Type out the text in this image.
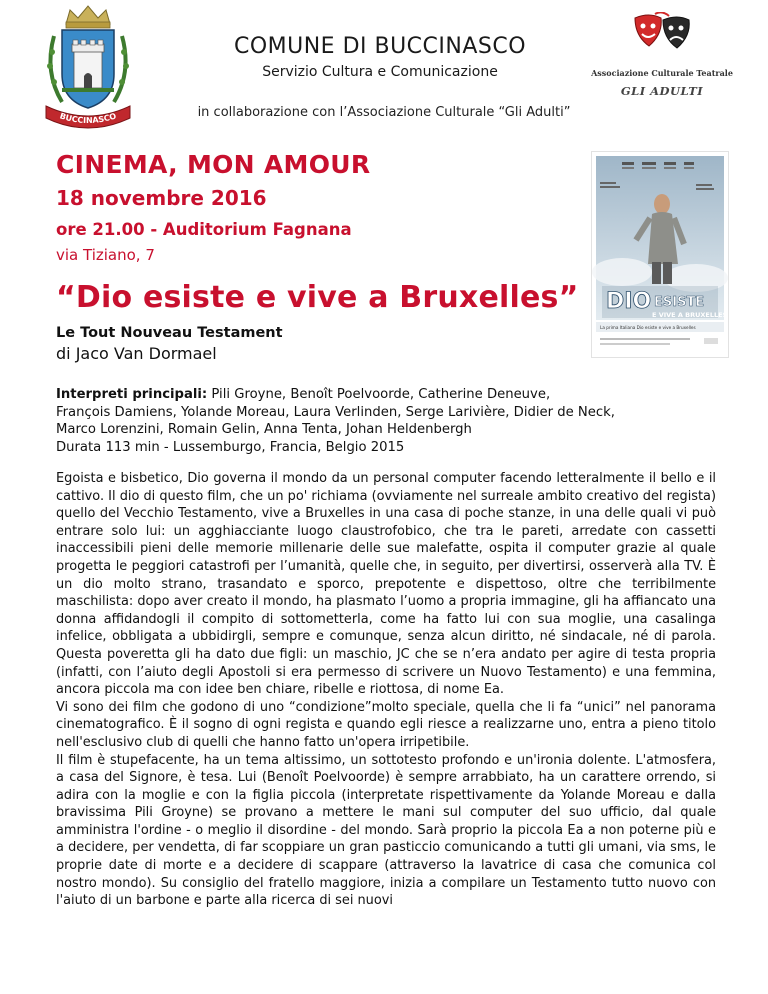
BUCCINASCO
COMUNE DI BUCCINASCO
Servizio Cultura e Comunicazione
in collaborazione con l’Associazione Culturale “Gli Adulti”
Associazione Culturale Teatrale
GLI ADULTI
CINEMA, MON AMOUR
18 novembre 2016
ore 21.00 - Auditorium Fagnana
via Tiziano, 7
“Dio esiste e vive a Bruxelles”
Le Tout Nouveau Testament
di Jaco Van Dormael
DIO ESISTE
E VIVE A BRUXELLES
La prima Italiana Dio esiste e vive a Bruxelles
Interpreti principali: Pili Groyne, Benoît Poelvoorde, Catherine Deneuve,
François Damiens, Yolande Moreau, Laura Verlinden, Serge Larivière, Didier de Neck,
Marco Lorenzini, Romain Gelin, Anna Tenta, Johan Heldenbergh
Durata 113 min - Lussemburgo, Francia, Belgio 2015

Egoista e bisbetico, Dio governa il mondo da un personal computer facendo letteralmente il bello e il cattivo. Il dio di questo film, che un po' richiama (ovviamente nel surreale ambito creativo del regista) quello del Vecchio Testamento, vive a Bruxelles in una casa di poche stanze, in una delle quali vi può entrare solo lui: un agghiacciante luogo claustrofobico, che tra le pareti, arredate con cassetti inaccessibili pieni delle memorie millenarie delle sue malefatte, ospita il computer grazie al quale progetta le peggiori catastrofi per l’umanità, quelle che, in seguito, per divertirsi, osserverà alla TV. È un dio molto strano, trasandato e sporco, prepotente e dispettoso, oltre che terribilmente maschilista: dopo aver creato il mondo, ha plasmato l’uomo a propria immagine, gli ha affiancato una donna affidandogli il compito di sottometterla, come ha fatto lui con sua moglie, una casalinga infelice, obbligata a ubbidirgli, sempre e comunque, senza alcun diritto, né sindacale, né di parola. Questa poveretta gli ha dato due figli: un maschio, JC che se n’era andato per agire di testa propria (infatti, con l’aiuto degli Apostoli si era permesso di scrivere un Nuovo Testamento) e una femmina, ancora piccola ma con idee ben chiare, ribelle e riottosa, di nome Ea.

Vi sono dei film che godono di uno “condizione”molto speciale, quella che li fa “unici” nel panorama cinematografico. È il sogno di ogni regista e quando egli riesce a realizzarne uno, entra a pieno titolo nell'esclusivo club di quelli che hanno fatto un'opera irripetibile.

Il film è stupefacente, ha un tema altissimo, un sottotesto profondo e un'ironia dolente. L'atmosfera, a casa del Signore, è tesa. Lui (Benoît Poelvoorde) è sempre arrabbiato, ha un carattere orrendo, si adira con la moglie e con la figlia piccola (interpretate rispettivamente da Yolande Moreau e dalla bravissima Pili Groyne) se provano a mettere le mani sul computer del suo ufficio, dal quale amministra l'ordine - o meglio il disordine - del mondo. Sarà proprio la piccola Ea a non poterne più e a decidere, per vendetta, di far scoppiare un gran pasticcio comunicando a tutti gli umani, via sms, le proprie date di morte e a decidere di scappare (attraverso la lavatrice di casa che comunica col nostro mondo). Su consiglio del fratello maggiore, inizia a compilare un Testamento tutto nuovo con l'aiuto di un barbone e parte alla ricerca di sei nuovi
